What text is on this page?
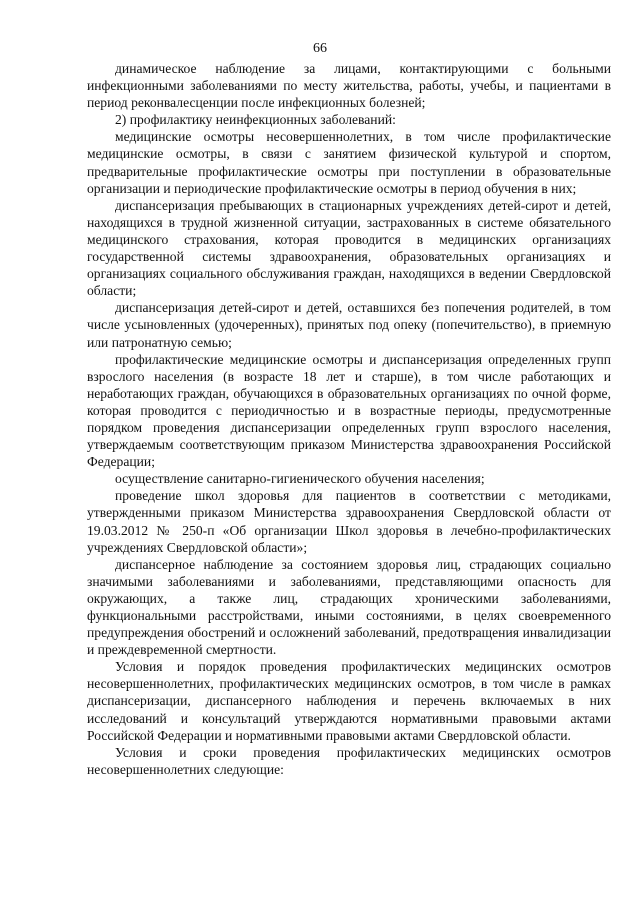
66

динамическое наблюдение за лицами, контактирующими с больными инфекционными заболеваниями по месту жительства, работы, учебы, и пациентами в период реконвалесценции после инфекционных болезней;

2) профилактику неинфекционных заболеваний:

медицинские осмотры несовершеннолетних, в том числе профилактические медицинские осмотры, в связи с занятием физической культурой и спортом, предварительные профилактические осмотры при поступлении в образовательные организации и периодические профилактические осмотры в период обучения в них;

диспансеризация пребывающих в стационарных учреждениях детей-сирот и детей, находящихся в трудной жизненной ситуации, застрахованных в системе обязательного медицинского страхования, которая проводится в медицинских организациях государственной системы здравоохранения, образовательных организациях и организациях социального обслуживания граждан, находящихся в ведении Свердловской области;

диспансеризация детей-сирот и детей, оставшихся без попечения родителей, в том числе усыновленных (удочеренных), принятых под опеку (попечительство), в приемную или патронатную семью;

профилактические медицинские осмотры и диспансеризация определенных групп взрослого населения (в возрасте 18 лет и старше), в том числе работающих и неработающих граждан, обучающихся в образовательных организациях по очной форме, которая проводится с периодичностью и в возрастные периоды, предусмотренные порядком проведения диспансеризации определенных групп взрослого населения, утверждаемым соответствующим приказом Министерства здравоохранения Российской Федерации;

осуществление санитарно-гигиенического обучения населения;

проведение школ здоровья для пациентов в соответствии с методиками, утвержденными приказом Министерства здравоохранения Свердловской области от 19.03.2012 № 250-п «Об организации Школ здоровья в лечебно-профилактических учреждениях Свердловской области»;

диспансерное наблюдение за состоянием здоровья лиц, страдающих социально значимыми заболеваниями и заболеваниями, представляющими опасность для окружающих, а также лиц, страдающих хроническими заболеваниями, функциональными расстройствами, иными состояниями, в целях своевременного предупреждения обострений и осложнений заболеваний, предотвращения инвалидизации и преждевременной смертности.

Условия и порядок проведения профилактических медицинских осмотров несовершеннолетних, профилактических медицинских осмотров, в том числе в рамках диспансеризации, диспансерного наблюдения и перечень включаемых в них исследований и консультаций утверждаются нормативными правовыми актами Российской Федерации и нормативными правовыми актами Свердловской области.

Условия и сроки проведения профилактических медицинских осмотров несовершеннолетних следующие:
